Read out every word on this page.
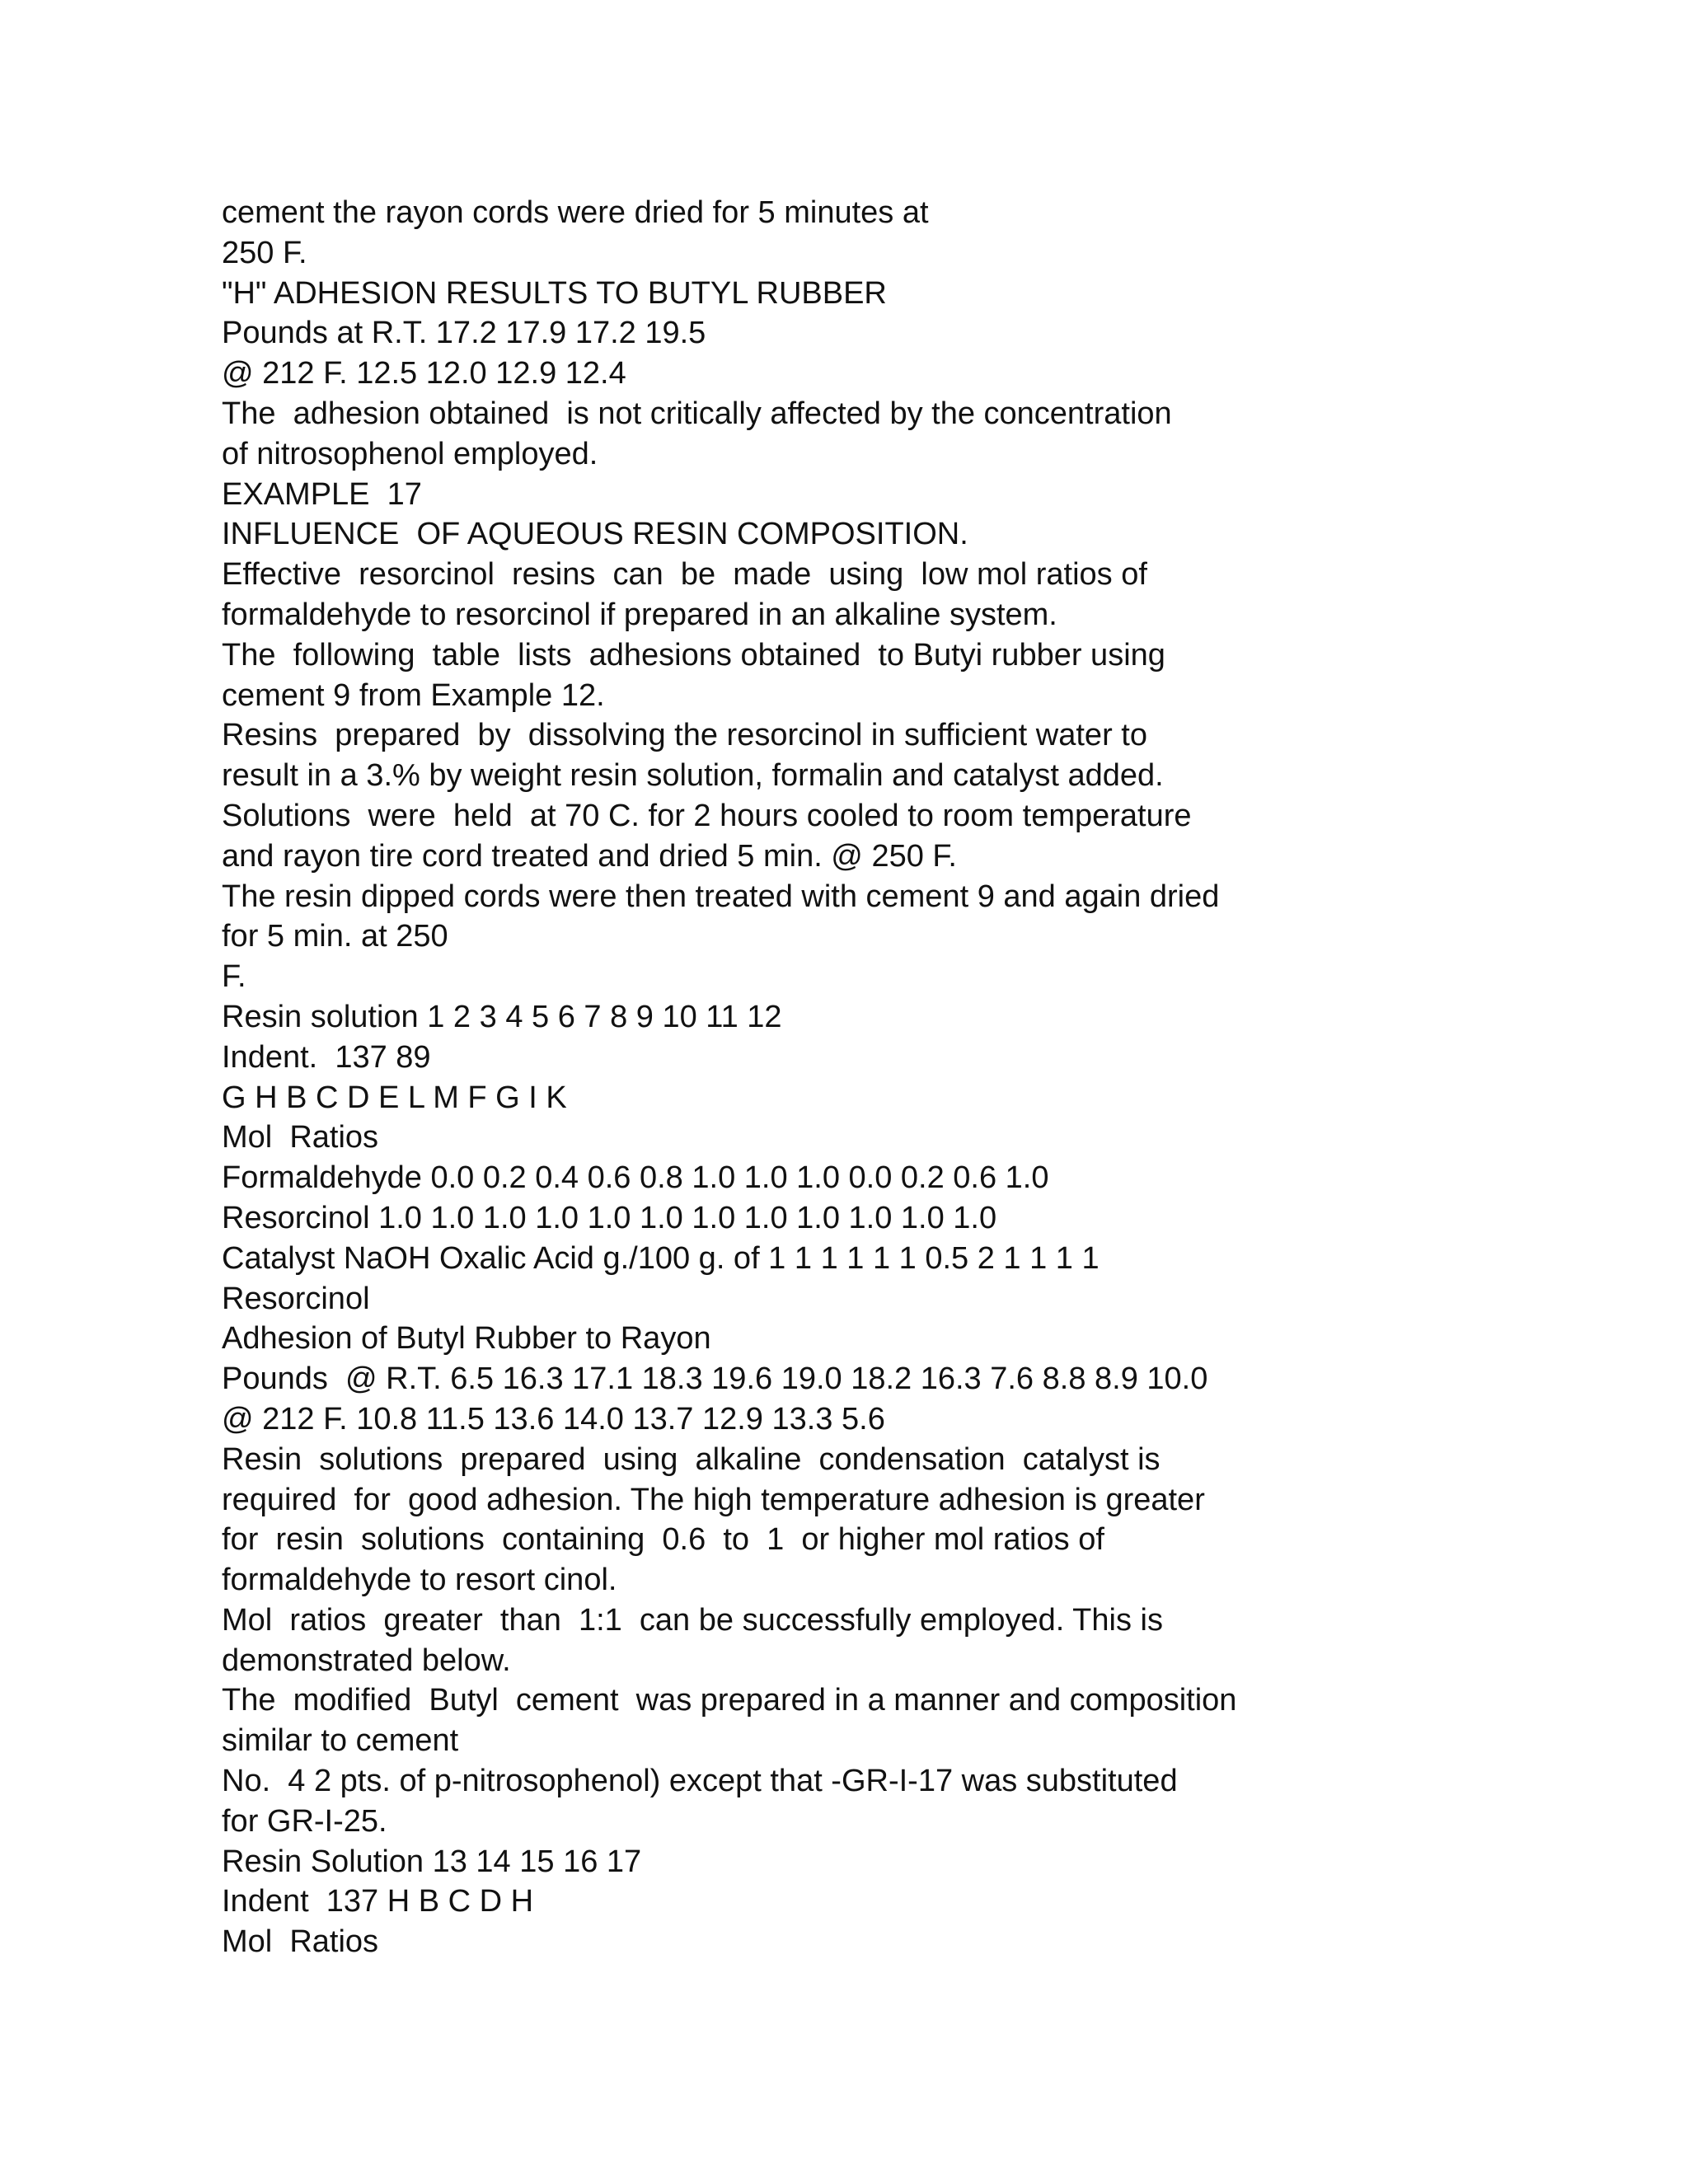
cement the rayon cords were dried for 5 minutes at
250 F.
"H" ADHESION RESULTS TO BUTYL RUBBER
Pounds at R.T. 17.2 17.9 17.2 19.5
@ 212 F. 12.5 12.0 12.9 12.4
The  adhesion obtained  is not critically affected by the concentration
of nitrosophenol employed.
EXAMPLE  17
INFLUENCE  OF AQUEOUS RESIN COMPOSITION.
Effective  resorcinol  resins  can  be  made  using  low mol ratios of
formaldehyde to resorcinol if prepared in an alkaline system.
The  following  table  lists  adhesions obtained  to Butyi rubber using
cement 9 from Example 12.
Resins  prepared  by  dissolving the resorcinol in sufficient water to
result in a 3.% by weight resin solution, formalin and catalyst added.
Solutions  were  held  at 70 C. for 2 hours cooled to room temperature
and rayon tire cord treated and dried 5 min. @ 250 F.
The resin dipped cords were then treated with cement 9 and again dried
for 5 min. at 250
F.
Resin solution 1 2 3 4 5 6 7 8 9 10 11 12
Indent.  137 89
G H B C D E L M F G I K
Mol  Ratios
Formaldehyde 0.0 0.2 0.4 0.6 0.8 1.0 1.0 1.0 0.0 0.2 0.6 1.0
Resorcinol 1.0 1.0 1.0 1.0 1.0 1.0 1.0 1.0 1.0 1.0 1.0 1.0
Catalyst NaOH Oxalic Acid g./100 g. of 1 1 1 1 1 1 0.5 2 1 1 1 1
Resorcinol
Adhesion of Butyl Rubber to Rayon
Pounds  @ R.T. 6.5 16.3 17.1 18.3 19.6 19.0 18.2 16.3 7.6 8.8 8.9 10.0
@ 212 F. 10.8 11.5 13.6 14.0 13.7 12.9 13.3 5.6
Resin  solutions  prepared  using  alkaline  condensation  catalyst is
required  for  good adhesion. The high temperature adhesion is greater
for  resin  solutions  containing  0.6  to  1  or higher mol ratios of
formaldehyde to resort cinol.
Mol  ratios  greater  than  1:1  can be successfully employed. This is
demonstrated below.
The  modified  Butyl  cement  was prepared in a manner and composition
similar to cement
No.  4 2 pts. of p-nitrosophenol) except that -GR-I-17 was substituted
for GR-I-25.
Resin Solution 13 14 15 16 17
Indent  137 H B C D H
Mol  Ratios
